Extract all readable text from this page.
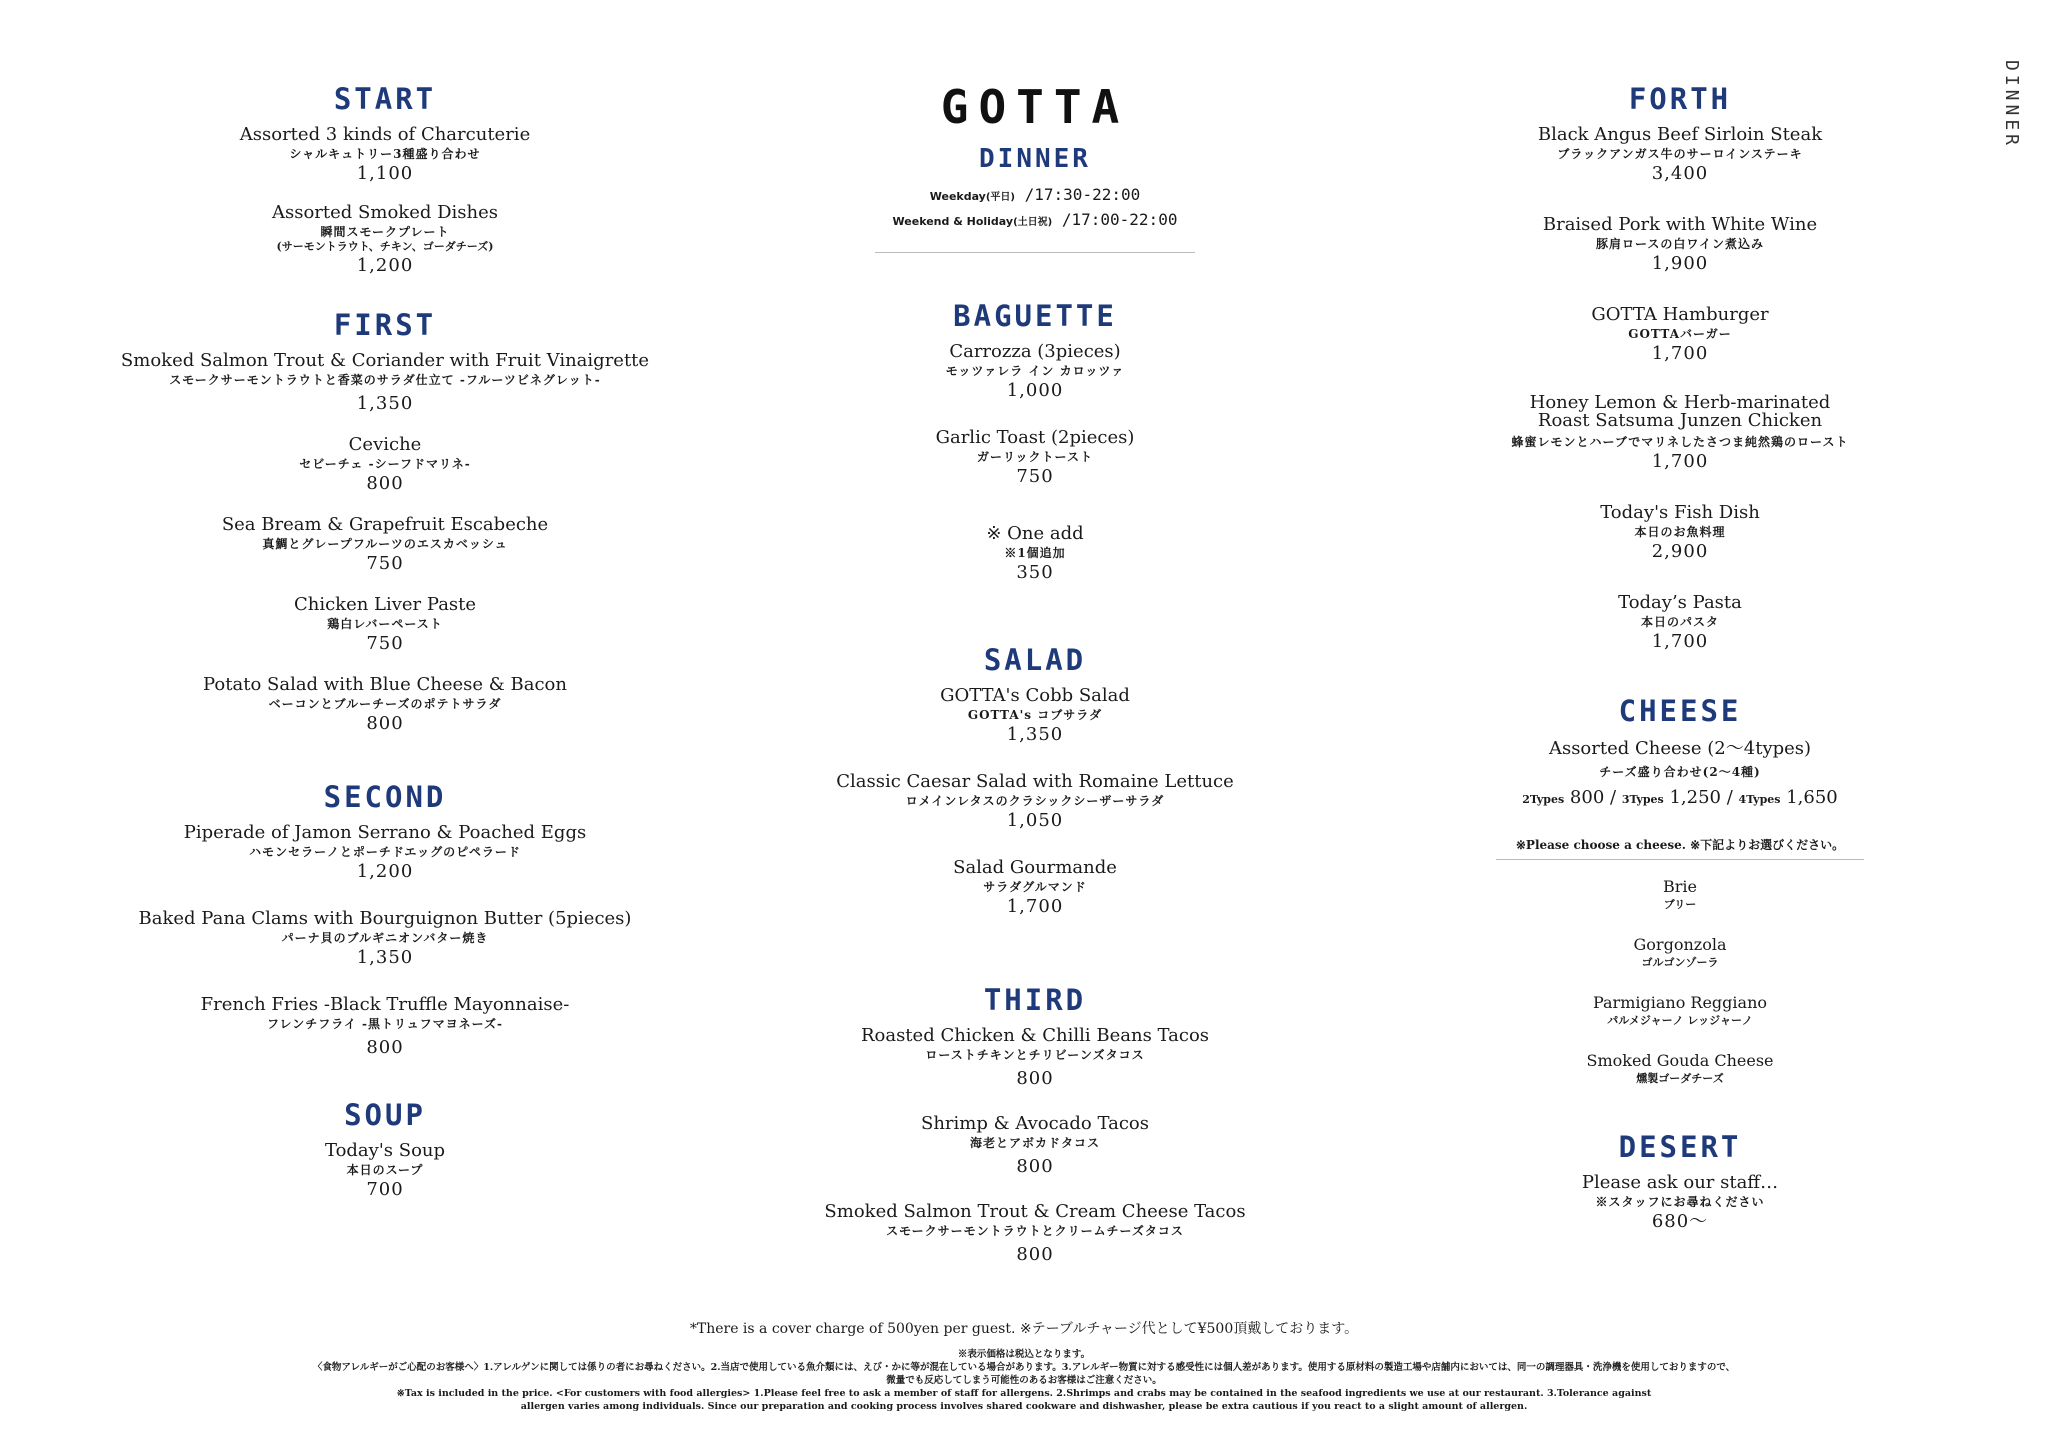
START
Assorted 3 kinds of Charcuterie
シャルキュトリー3種盛り合わせ
1,100
Assorted Smoked Dishes
瞬間スモークプレート
(サーモントラウト、チキン、ゴーダチーズ)
1,200
FIRST
Smoked Salmon Trout & Coriander with Fruit Vinaigrette
スモークサーモントラウトと香菜のサラダ仕立て -フルーツビネグレット-
1,350
Ceviche
セビーチェ -シーフドマリネ-
800
Sea Bream & Grapefruit Escabeche
真鯛とグレープフルーツのエスカベッシュ
750
Chicken Liver Paste
鶏白レバーペースト
750
Potato Salad with Blue Cheese & Bacon
ベーコンとブルーチーズのポテトサラダ
800
SECOND
Piperade of Jamon Serrano & Poached Eggs
ハモンセラーノとポーチドエッグのピペラード
1,200
Baked Pana Clams with Bourguignon Butter (5pieces)
パーナ貝のブルギニオンバター焼き
1,350
French Fries -Black Truffle Mayonnaise-
フレンチフライ -黒トリュフマヨネーズ-
800
SOUP
Today's Soup
本日のスープ
700
GOTTA
DINNER
Weekday(平日) /17:30-22:00
Weekend & Holiday(土日祝) /17:00-22:00
BAGUETTE
Carrozza (3pieces)
モッツァレラ イン カロッツァ
1,000
Garlic Toast (2pieces)
ガーリックトースト
750
※ One add
※1個追加
350
SALAD
GOTTA's Cobb Salad
GOTTA's コブサラダ
1,350
Classic Caesar Salad with Romaine Lettuce
ロメインレタスのクラシックシーザーサラダ
1,050
Salad Gourmande
サラダグルマンド
1,700
THIRD
Roasted Chicken & Chilli Beans Tacos
ローストチキンとチリビーンズタコス
800
Shrimp & Avocado Tacos
海老とアボカドタコス
800
Smoked Salmon Trout & Cream Cheese Tacos
スモークサーモントラウトとクリームチーズタコス
800
FORTH
Black Angus Beef Sirloin Steak
ブラックアンガス牛のサーロインステーキ
3,400
Braised Pork with White Wine
豚肩ロースの白ワイン煮込み
1,900
GOTTA Hamburger
GOTTAバーガー
1,700
Honey Lemon & Herb-marinated
Roast Satsuma Junzen Chicken
蜂蜜レモンとハーブでマリネしたさつま純然鶏のロースト
1,700
Today's Fish Dish
本日のお魚料理
2,900
Today’s Pasta
本日のパスタ
1,700
CHEESE
Assorted Cheese (2〜4types)
チーズ盛り合わせ(2〜4種)
2Types 800 / 3Types 1,250 / 4Types 1,650
※Please choose a cheese. ※下記よりお選びください。
Brie
ブリー
Gorgonzola
ゴルゴンゾーラ
Parmigiano Reggiano
パルメジャーノ レッジャーノ
Smoked Gouda Cheese
燻製ゴーダチーズ
DESERT
Please ask our staff…
※スタッフにお尋ねください
680〜
DINNER
*There is a cover charge of 500yen per guest. ※テーブルチャージ代として¥500頂戴しております。
※表示価格は税込となります。
〈食物アレルギーがご心配のお客様へ〉1.アレルゲンに関しては係りの者にお尋ねください。2.当店で使用している魚介類には、えび・かに等が混在している場合があります。3.アレルギー物質に対する感受性には個人差があります。使用する原材料の製造工場や店舗内においては、同一の調理器具・洗浄機を使用しておりますので、
微量でも反応してしまう可能性のあるお客様はご注意ください。
※Tax is included in the price. <For customers with food allergies> 1.Please feel free to ask a member of staff for allergens. 2.Shrimps and crabs may be contained in the seafood ingredients we use at our restaurant. 3.Tolerance against
allergen varies among individuals. Since our preparation and cooking process involves shared cookware and dishwasher, please be extra cautious if you react to a slight amount of allergen.
